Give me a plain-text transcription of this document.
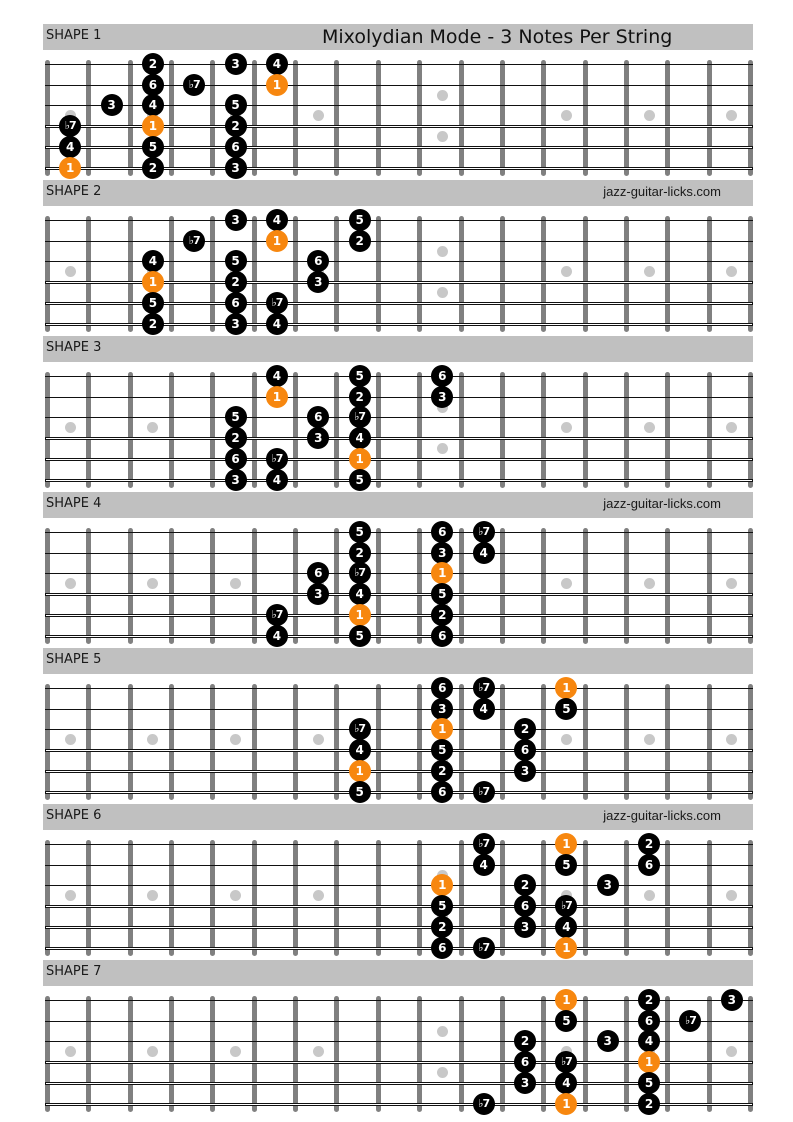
SHAPE 1	Mixolydian Mode - 3 Notes Per String
2	3	4
6	♭7	1
3	4	5
♭7	1	2
4	5	6
1	2	3
SHAPE 2	jazz-guitar-licks.com
3	4	5
♭7	1	2
4	5	6
1	2	3
5	6	♭7
2	3	4
SHAPE 3
4	5	6
1	2	3
5	6	♭7
2	3	4
6	♭7	1
3	4	5
SHAPE 4	jazz-guitar-licks.com
5	6	♭7
2	3	4
6	♭7	1
3	4	5
♭7	1	2
4	5	6
SHAPE 5
6	♭7	1
3	4	5
♭7	1	2
4	5	6
1	2	3
5	6	♭7
SHAPE 6	jazz-guitar-licks.com
♭7	1	2
4	5	6
1	2	3
5	6	♭7
2	3	4
6	♭7	1
SHAPE 7
1	2	3
5	6	♭7
2	3	4
6	♭7	1
3	4	5
♭7	1	2
